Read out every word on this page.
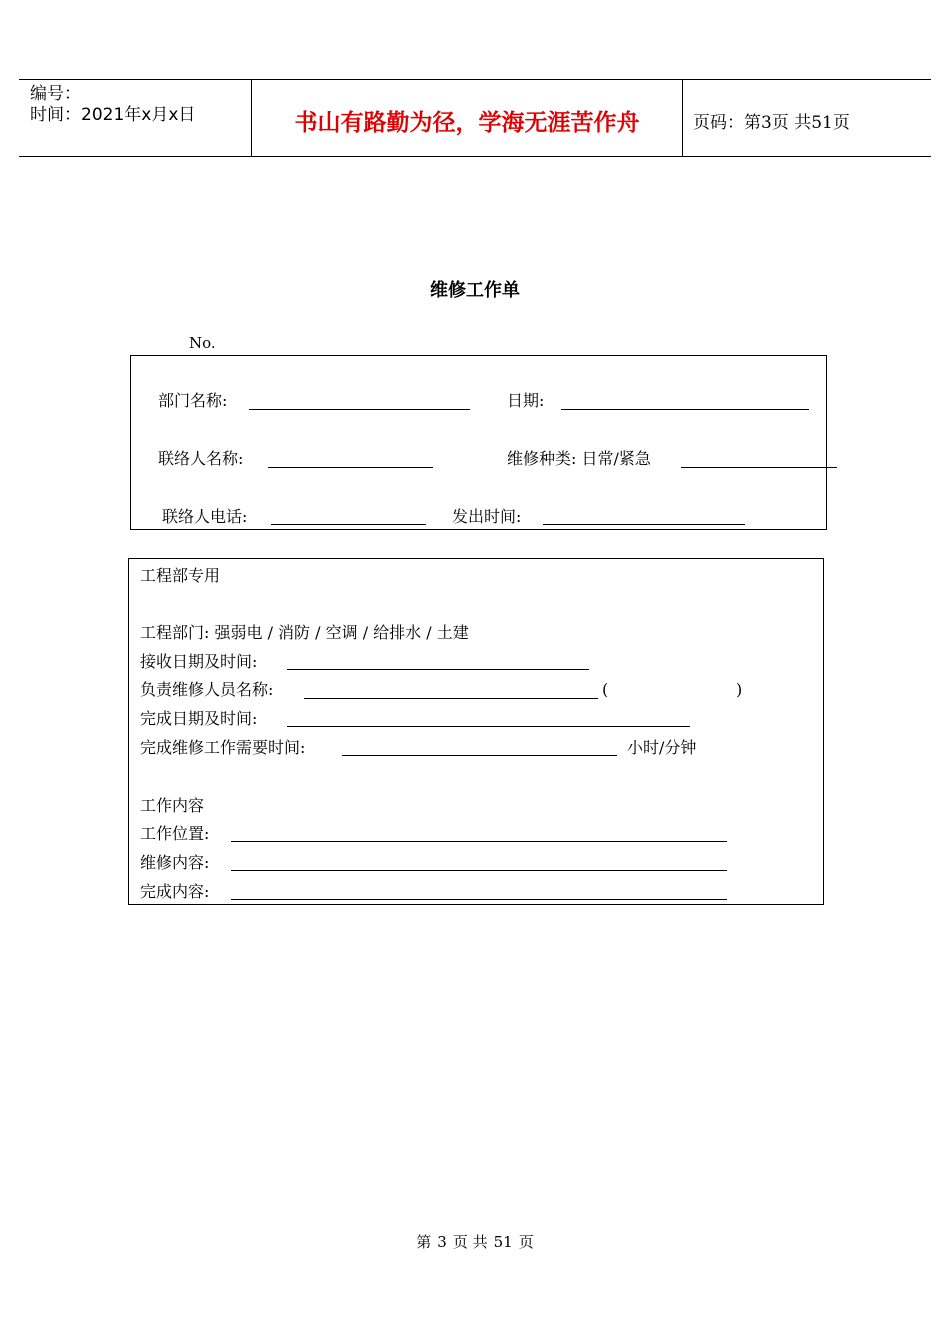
编号：
时间：2021年x月x日	书山有路勤为径，学海无涯苦作舟	页码：第3页 共51页
维修工作单
No.
部门名称:	日期:
联络人名称:	维修种类: 日常/紧急
联络人电话:	发出时间:
工程部专用
工程部门: 强弱电 / 消防 / 空调 / 给排水 / 土建
接收日期及时间:
负责维修人员名称:	(	)
完成日期及时间:
完成维修工作需要时间:	小时/分钟
工作内容
工作位置:
维修内容:
完成内容:
第 3 页 共 51 页
